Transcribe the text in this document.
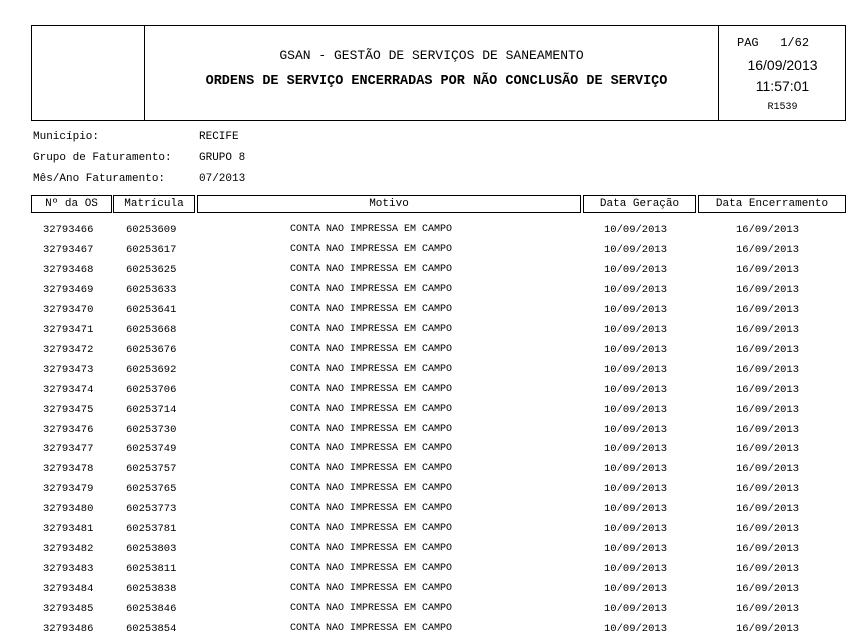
GSAN - GESTÃO DE SERVIÇOS DE SANEAMENTO
ORDENS DE SERVIÇO ENCERRADAS POR NÃO CONCLUSÃO DE SERVIÇO
PAG 1/62
16/09/2013
11:57:01
R1539
Município:	RECIFE
Grupo de Faturamento: GRUPO 8
Mês/Ano Faturamento:	07/2013
Nº da OS	Matrícula	Motivo	Data Geração	Data Encerramento
32793466	60253609	CONTA NAO IMPRESSA EM CAMPO	10/09/2013	16/09/2013
32793467	60253617	CONTA NAO IMPRESSA EM CAMPO	10/09/2013	16/09/2013
32793468	60253625	CONTA NAO IMPRESSA EM CAMPO	10/09/2013	16/09/2013
32793469	60253633	CONTA NAO IMPRESSA EM CAMPO	10/09/2013	16/09/2013
32793470	60253641	CONTA NAO IMPRESSA EM CAMPO	10/09/2013	16/09/2013
32793471	60253668	CONTA NAO IMPRESSA EM CAMPO	10/09/2013	16/09/2013
32793472	60253676	CONTA NAO IMPRESSA EM CAMPO	10/09/2013	16/09/2013
32793473	60253692	CONTA NAO IMPRESSA EM CAMPO	10/09/2013	16/09/2013
32793474	60253706	CONTA NAO IMPRESSA EM CAMPO	10/09/2013	16/09/2013
32793475	60253714	CONTA NAO IMPRESSA EM CAMPO	10/09/2013	16/09/2013
32793476	60253730	CONTA NAO IMPRESSA EM CAMPO	10/09/2013	16/09/2013
32793477	60253749	CONTA NAO IMPRESSA EM CAMPO	10/09/2013	16/09/2013
32793478	60253757	CONTA NAO IMPRESSA EM CAMPO	10/09/2013	16/09/2013
32793479	60253765	CONTA NAO IMPRESSA EM CAMPO	10/09/2013	16/09/2013
32793480	60253773	CONTA NAO IMPRESSA EM CAMPO	10/09/2013	16/09/2013
32793481	60253781	CONTA NAO IMPRESSA EM CAMPO	10/09/2013	16/09/2013
32793482	60253803	CONTA NAO IMPRESSA EM CAMPO	10/09/2013	16/09/2013
32793483	60253811	CONTA NAO IMPRESSA EM CAMPO	10/09/2013	16/09/2013
32793484	60253838	CONTA NAO IMPRESSA EM CAMPO	10/09/2013	16/09/2013
32793485	60253846	CONTA NAO IMPRESSA EM CAMPO	10/09/2013	16/09/2013
32793486	60253854	CONTA NAO IMPRESSA EM CAMPO	10/09/2013	16/09/2013
